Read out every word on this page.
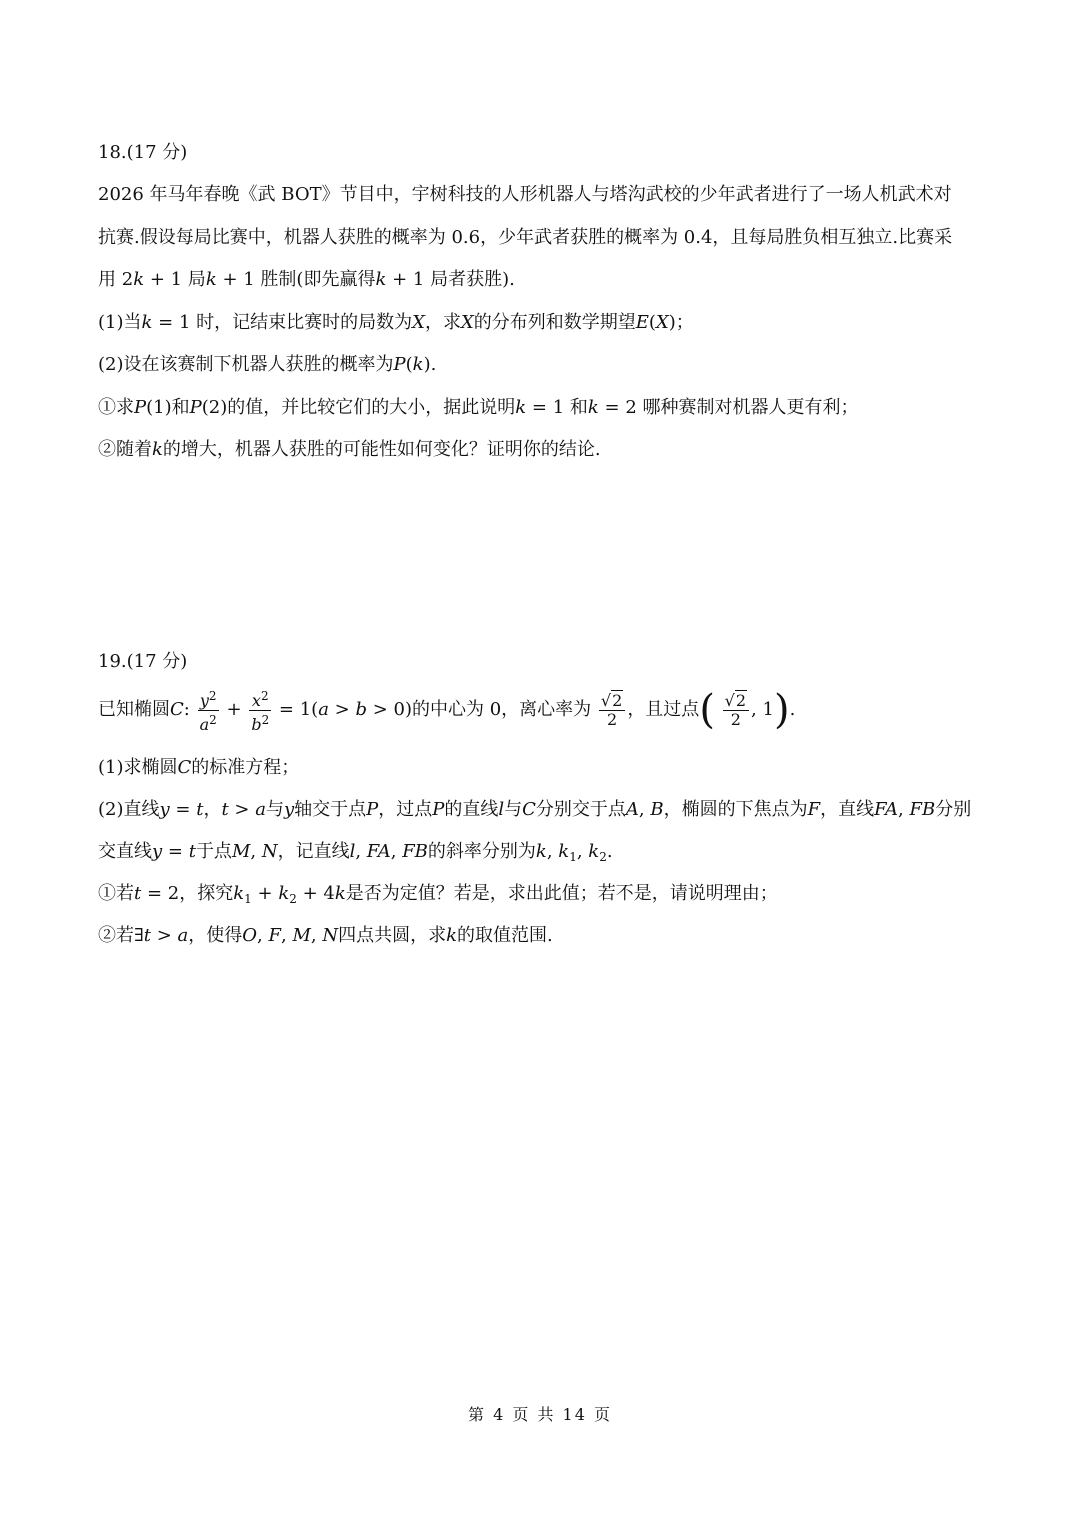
18.(17 分)
2026 年马年春晚《武 BOT》节目中，宇树科技的人形机器人与塔沟武校的少年武者进行了一场人机武术对
抗赛.假设每局比赛中，机器人获胜的概率为 0.6，少年武者获胜的概率为 0.4，且每局胜负相互独立.比赛采
用 2k + 1 局k + 1 胜制(即先赢得k + 1 局者获胜).
(1)当k = 1 时，记结束比赛时的局数为X，求X的分布列和数学期望E(X)；
(2)设在该赛制下机器人获胜的概率为P(k).
①求P(1)和P(2)的值，并比较它们的大小，据此说明k = 1 和k = 2 哪种赛制对机器人更有利；
②随着k的增大，机器人获胜的可能性如何变化？证明你的结论.
19.(17 分)
已知椭圆C: $\frac{y^2}{a^2} + \frac{x^2}{b^2} = 1(a > b > 0)$的中心为 0，离心率为 $\frac{√2}{2}$ ，且过点( $\frac{√2}{2}$ , 1).
(1)求椭圆C的标准方程；
(2)直线y = t，t > a与y轴交于点P，过点P的直线l与C分别交于点A, B，椭圆的下焦点为F，直线FA, FB分别
交直线y = t于点M, N，记直线l, FA, FB的斜率分别为k, $k_1$, $k_2$.
①若t = 2，探究$k_1 + k_2 + 4k$是否为定值？若是，求出此值；若不是，请说明理由；
②若∃t > a，使得O, F, M, N四点共圆，求k的取值范围.
第 4 页 共 14 页
